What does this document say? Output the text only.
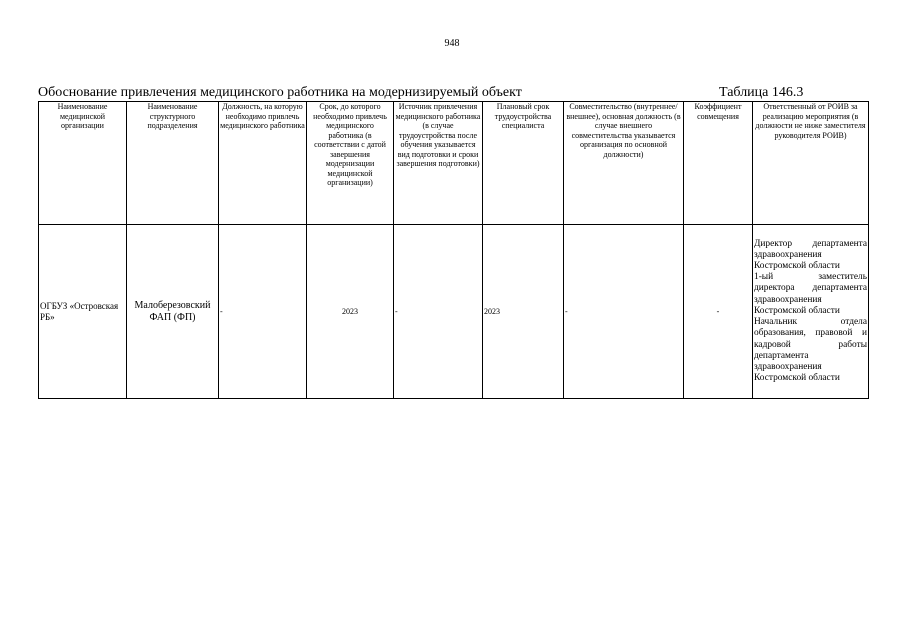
948
Обоснование привлечения медицинского работника на модернизируемый объект	Таблица 146.3
Наименование медицинской организации	Наименование структурного подразделения	Должность, на которую необходимо привлечь медицинского работника	Срок, до которого необходимо привлечь медицинского работника (в соответствии с датой завершения модернизации медицинской организации)	Источник привлечения медицинского работника (в случае трудоустройства после обучения указывается вид подготовки и сроки завершения подготовки)	Плановый срок трудоустройства специалиста	Совместительство (внутреннее/внешнее), основная должность (в случае внешнего совместительства указывается организация по основной должности)	Коэффициент совмещения	Ответственный от РОИВ за реализацию мероприятия (в должности не ниже заместителя руководителя РОИВ)
ОГБУЗ «Островская РБ»	Малоберезовский ФАП (ФП)	-	2023	-	2023	-	-	Директор департамента здравоохранения Костромской области
1-ый заместитель директора департамента здравоохранения Костромской области
Начальник отдела образования, правовой и кадровой работы департамента здравоохранения Костромской области
